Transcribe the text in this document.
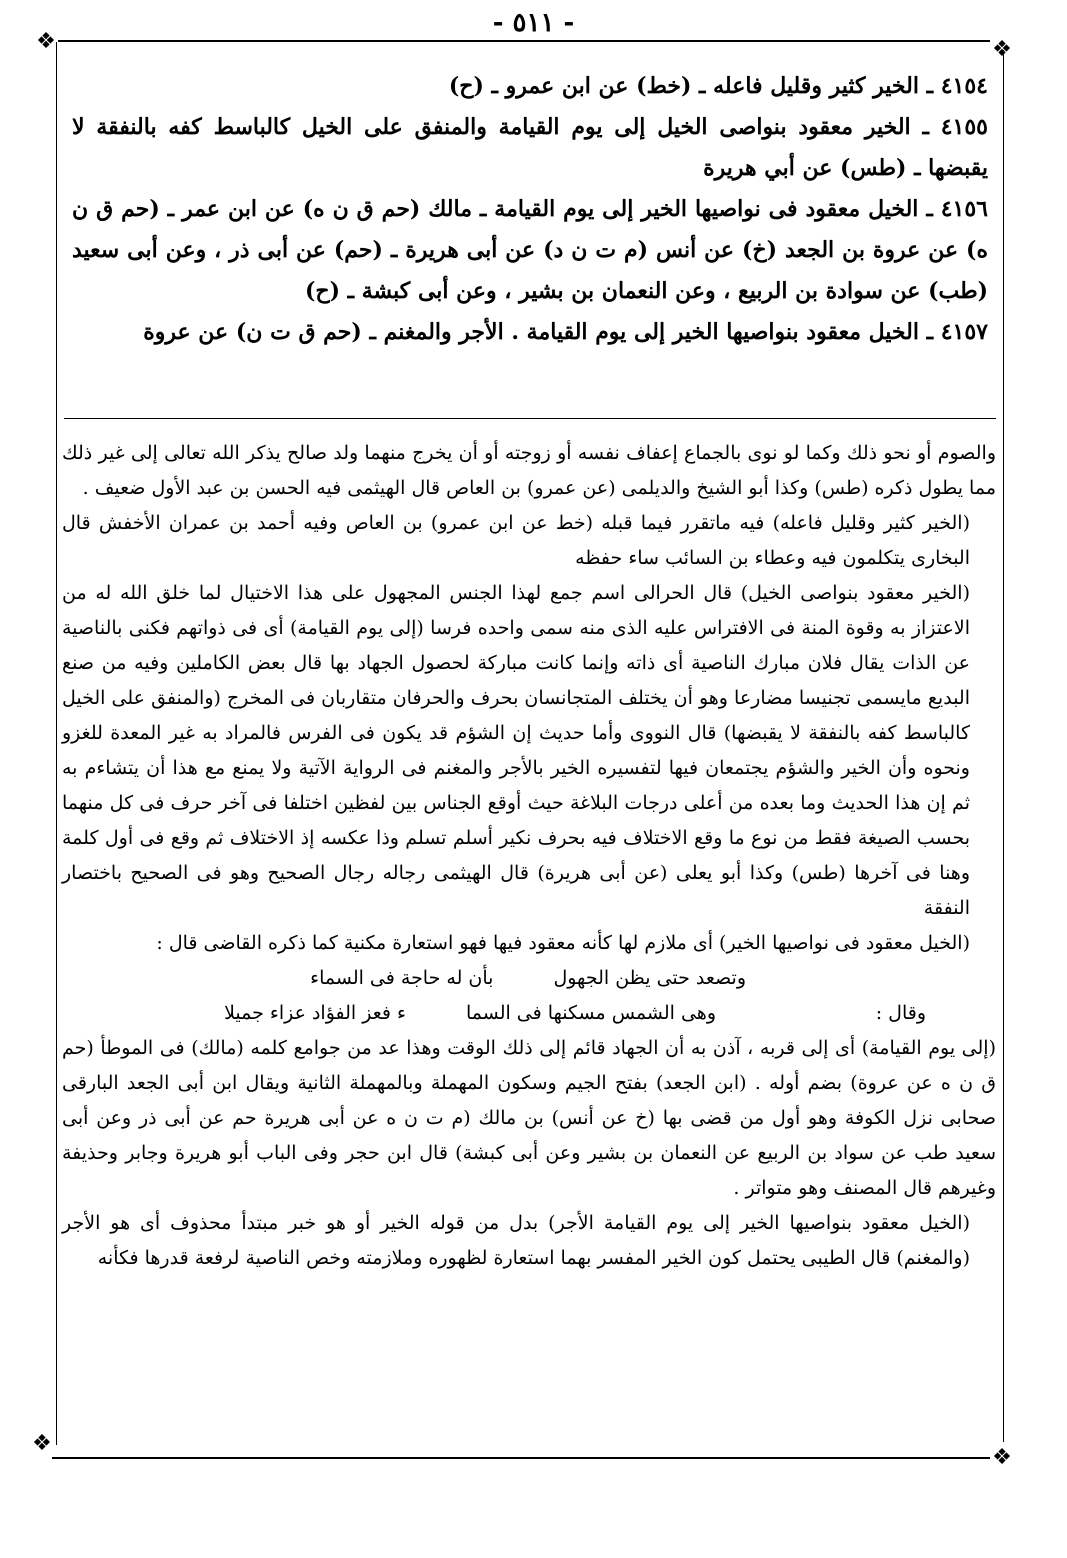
- ٥١١ -
❖	❖
❖
❖

٤١٥٤ ـ الخير كثير وقليل فاعله ـ (خط) عن ابن عمرو ـ (ح)

٤١٥٥ ـ الخير معقود بنواصى الخيل إلى يوم القيامة والمنفق على الخيل كالباسط كفه بالنفقة لا يقبضها ـ (طس) عن أبي هريرة

٤١٥٦ ـ الخيل معقود فى نواصيها الخير إلى يوم القيامة ـ مالك (حم ق ن ه) عن ابن عمر ـ (حم ق ن ه) عن عروة بن الجعد (خ) عن أنس (م ت ن د) عن أبى هريرة ـ (حم) عن أبى ذر ، وعن أبى سعيد (طب) عن سوادة بن الربيع ، وعن النعمان بن بشير ، وعن أبى كبشة ـ (ح)

٤١٥٧ ـ الخيل معقود بنواصيها الخير إلى يوم القيامة . الأجر والمغنم ـ (حم ق ت ن) عن عروة

والصوم أو نحو ذلك وكما لو نوى بالجماع إعفاف نفسه أو زوجته أو أن يخرج منهما ولد صالح يذكر الله تعالى إلى غير ذلك مما يطول ذكره (طس) وكذا أبو الشيخ والديلمى (عن عمرو) بن العاص قال الهيثمى فيه الحسن بن عبد الأول ضعيف .

(الخير كثير وقليل فاعله) فيه ماتقرر فيما قبله (خط عن ابن عمرو) بن العاص وفيه أحمد بن عمران الأخفش قال البخارى يتكلمون فيه وعطاء بن السائب ساء حفظه

(الخير معقود بنواصى الخيل) قال الحرالى اسم جمع لهذا الجنس المجهول على هذا الاختيال لما خلق الله له من الاعتزاز به وقوة المنة فى الافتراس عليه الذى منه سمى واحده فرسا (إلى يوم القيامة) أى فى ذواتهم فكنى بالناصية عن الذات يقال فلان مبارك الناصية أى ذاته وإنما كانت مباركة لحصول الجهاد بها قال بعض الكاملين وفيه من صنع البديع مايسمى تجنيسا مضارعا وهو أن يختلف المتجانسان بحرف والحرفان متقاربان فى المخرج (والمنفق على الخيل كالباسط كفه بالنفقة لا يقبضها) قال النووى وأما حديث إن الشؤم قد يكون فى الفرس فالمراد به غير المعدة للغزو ونحوه وأن الخير والشؤم يجتمعان فيها لتفسيره الخير بالأجر والمغنم فى الرواية الآتية ولا يمنع مع هذا أن يتشاءم به ثم إن هذا الحديث وما بعده من أعلى درجات البلاغة حيث أوقع الجناس بين لفظين اختلفا فى آخر حرف فى كل منهما بحسب الصيغة فقط من نوع ما وقع الاختلاف فيه بحرف نكير أسلم تسلم وذا عكسه إذ الاختلاف ثم وقع فى أول كلمة وهنا فى آخرها (طس) وكذا أبو يعلى (عن أبى هريرة) قال الهيثمى رجاله رجال الصحيح وهو فى الصحيح باختصار النفقة

(الخيل معقود فى نواصيها الخير) أى ملازم لها كأنه معقود فيها فهو استعارة مكنية كما ذكره القاضى قال :

وتصعد حتى يظن الجهول
بأن له حاجة فى السماء
وقال :
وهى الشمس مسكنها فى السما
ء فعز الفؤاد عزاء جميلا

(إلى يوم القيامة) أى إلى قربه ، آذن به أن الجهاد قائم إلى ذلك الوقت وهذا عد من جوامع كلمه (مالك) فى الموطأ (حم ق ن ه عن عروة) بضم أوله . (ابن الجعد) بفتح الجيم وسكون المهملة وبالمهملة الثانية ويقال ابن أبى الجعد البارقى صحابى نزل الكوفة وهو أول من قضى بها (خ عن أنس) بن مالك (م ت ن ه عن أبى هريرة حم عن أبى ذر وعن أبى سعيد طب عن سواد بن الربيع عن النعمان بن بشير وعن أبى كبشة) قال ابن حجر وفى الباب أبو هريرة وجابر وحذيفة وغيرهم قال المصنف وهو متواتر .

(الخيل معقود بنواصيها الخير إلى يوم القيامة الأجر) بدل من قوله الخير أو هو خبر مبتدأ محذوف أى هو الأجر (والمغنم) قال الطيبى يحتمل كون الخير المفسر بهما استعارة لظهوره وملازمته وخص الناصية لرفعة قدرها فكأنه
